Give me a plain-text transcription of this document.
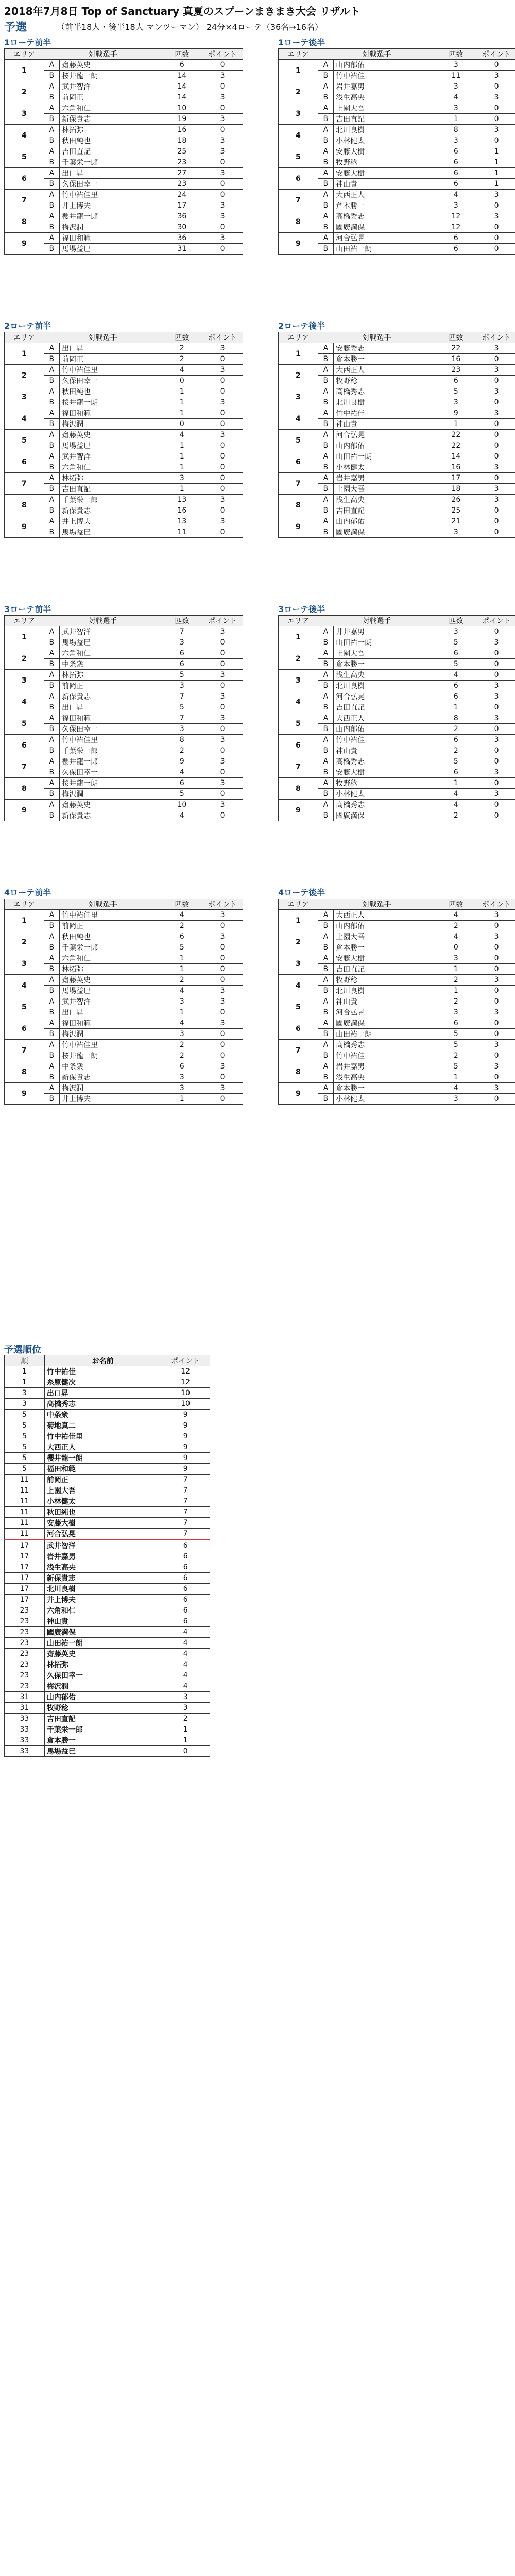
2018年7月8日 Top of Sanctuary 真夏のスプーンまきまき大会 リザルト
予選	（前半18人・後半18人 マンツーマン） 24分×4ローテ（36名→16名）
1ローテ前半
エリア	対戦選手		匹数	ポイント
1	A	齋藤英史	6	0
	B	桜井龍一朗	14	3
2	A	武井智洋	14	0
	B	前岡正	14	3
3	A	六角和仁	10	0
	B	新保貴志	19	3
4	A	林拓弥	16	0
	B	秋田純也	18	3
5	A	吉田直記	25	3
	B	千葉栄一郎	23	0
6	A	出口昇	27	3
	B	久保田幸一	23	0
7	A	竹中祐佳里	24	0
	B	井上博夫	17	3
8	A	櫻井龍一郎	36	3
	B	梅沢潤	30	0
9	A	福田和範	36	3
	B	馬場益巳	31	0
1ローテ後半
エリア	対戦選手		匹数	ポイント
1	A	山内郁佑	3	0
	B	竹中祐佳	11	3
2	A	岩井嘉男	3	0
	B	浅生高央	4	3
3	A	上園大吾	3	0
	B	吉田直記	1	0
4	A	北川良樹	8	3
	B	小林健太	3	0
5	A	安藤大樹	6	1
	B	牧野稔	6	1
6	A	安藤大樹	6	1
	B	神山貴	6	1
7	A	大西正人	4	3
	B	倉本勝一	3	0
8	A	高橋秀志	12	3
	B	國廣満保	12	0
9	A	河合弘晃	6	0
	B	山田祐一朗	6	0
2ローテ前半
エリア	対戦選手		匹数	ポイント
1	A	出口昇	2	3
	B	前岡正	2	0
2	A	竹中祐佳里	4	3
	B	久保田幸一	0	0
3	A	秋田純也	1	0
	B	桜井龍一朗	1	3
4	A	福田和範	1	0
	B	梅沢潤	0	0
5	A	齋藤英史	4	3
	B	馬場益巳	1	0
6	A	武井智洋	1	0
	B	六角和仁	1	0
7	A	林拓弥	3	0
	B	吉田直記	1	0
8	A	千葉栄一郎	13	3
	B	新保貴志	16	0
9	A	井上博夫	13	3
	B	馬場益巳	11	0
2ローテ後半
エリア	対戦選手		匹数	ポイント
1	A	安藤秀志	22	3
	B	倉本勝一	16	0
2	A	大西正人	23	3
	B	牧野稔	6	0
3	A	高橋秀志	5	3
	B	北川良樹	3	0
4	A	竹中祐佳	9	3
	B	神山貴	1	0
5	A	河合弘晃	22	0
	B	山内郁佑	22	0
6	A	山田祐一朗	14	0
	B	小林健太	16	3
7	A	岩井嘉男	17	0
	B	上園大吾	18	3
8	A	浅生高央	26	3
	B	吉田直記	25	0
9	A	山内郁佑	21	0
	B	國廣満保	3	0
3ローテ前半
エリア	対戦選手		匹数	ポイント
1	A	武井智洋	7	3
	B	馬場益巳	3	0
2	A	六角和仁	6	0
	B	中条衆	6	0
3	A	林拓弥	5	3
	B	前岡正	3	0
4	A	新保貴志	7	3
	B	出口昇	5	0
5	A	福田和範	7	3
	B	久保田幸一	3	0
6	A	竹中祐佳里	8	3
	B	千葉栄一郎	2	0
7	A	櫻井龍一郎	9	3
	B	久保田幸一	4	0
8	A	桜井龍一朗	6	3
	B	梅沢潤	5	0
9	A	齋藤英史	10	3
	B	新保貴志	4	0
3ローテ後半
エリア	対戦選手		匹数	ポイント
1	A	井井嘉男	3	0
	B	山田祐一朗	5	3
2	A	上園大吾	6	0
	B	倉本勝一	5	0
3	A	浅生高央	4	0
	B	北川良樹	6	3
4	A	河合弘晃	6	3
	B	吉田直記	1	0
5	A	大西正人	8	3
	B	山内郁佑	2	0
6	A	竹中祐佳	6	3
	B	神山貴	2	0
7	A	高橋秀志	5	0
	B	安藤大樹	6	3
8	A	牧野稔	1	0
	B	小林健太	4	3
9	A	高橋秀志	4	0
	B	國廣満保	2	0
4ローテ前半
エリア	対戦選手		匹数	ポイント
1	A	竹中祐佳里	4	3
	B	前岡正	2	0
2	A	秋田純也	6	3
	B	千葉栄一郎	5	0
3	A	六角和仁	1	0
	B	林拓弥	1	0
4	A	齋藤英史	2	0
	B	馬場益巳	4	3
5	A	武井智洋	3	3
	B	出口昇	1	0
6	A	福田和範	4	3
	B	梅沢潤	3	0
7	A	竹中祐佳里	2	0
	B	桜井龍一朗	2	0
8	A	中条衆	6	3
	B	新保貴志	3	0
9	A	梅沢潤	3	3
	B	井上博夫	1	0
4ローテ後半
エリア	対戦選手		匹数	ポイント
1	A	大西正人	4	3
	B	山内郁佑	2	0
2	A	上園大吾	4	3
	B	倉本勝一	0	0
3	A	安藤大樹	3	0
	B	吉田直記	1	0
4	A	牧野稔	2	3
	B	北川良樹	1	0
5	A	神山貴	2	0
	B	河合弘晃	3	3
6	A	國廣満保	6	0
	B	山田祐一朗	5	0
7	A	高橋秀志	5	3
	B	竹中祐佳	2	0
8	A	岩井嘉男	5	3
	B	浅生高央	1	0
9	A	倉本勝一	4	3
	B	小林健太	3	0
予選順位
順	お名前	ポイント
1	竹中祐佳	12
1	糸原健次	12
3	出口昇	10
3	高橋秀志	10
5	中条衆	9
5	菊地真二	9
5	竹中祐佳里	9
5	大西正人	9
5	櫻井龍一朗	9
5	福田和範	9
11	前岡正	7
11	上園大吾	7
11	小林健太	7
11	秋田純也	7
11	安藤大樹	7
11	河合弘晃	7
17	武井智洋	6
17	岩井嘉男	6
17	浅生高央	6
17	新保貴志	6
17	北川良樹	6
17	井上博夫	6
23	六角和仁	6
23	神山貴	6
23	國廣満保	4
23	山田祐一朗	4
23	齋藤英史	4
23	林拓弥	4
23	久保田幸一	4
23	梅沢潤	4
31	山内郁佑	3
31	牧野稔	3
33	吉田直記	2
33	千葉栄一郎	1
33	倉本勝一	1
33	馬場益巳	0
